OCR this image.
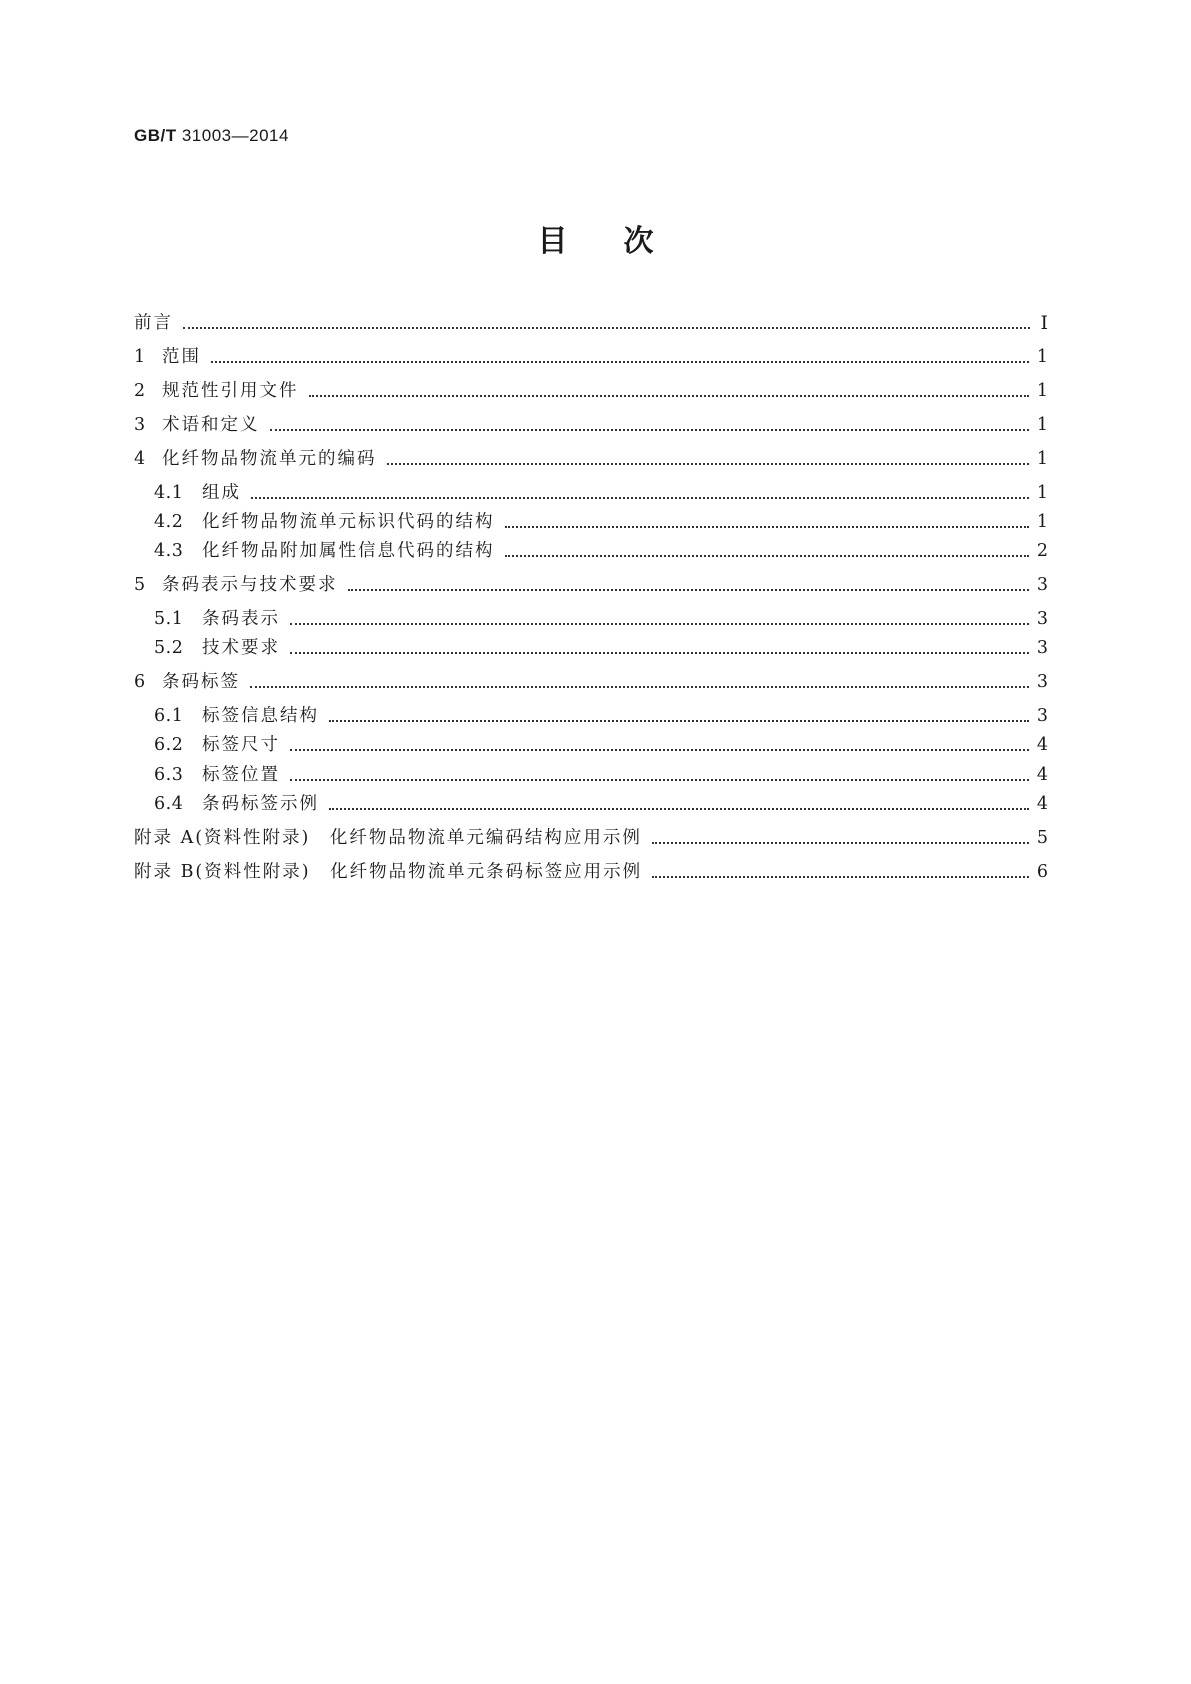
GB/T 31003—2014
目次
前言	Ⅰ
1 范围	1
2 规范性引用文件	1
3 术语和定义	1
4 化纤物品物流单元的编码	1
4.1	组成	1
4.2	化纤物品物流单元标识代码的结构	1
4.3	化纤物品附加属性信息代码的结构	2
5 条码表示与技术要求	3
5.1	条码表示	3
5.2	技术要求	3
6 条码标签	3
6.1	标签信息结构	3
6.2	标签尺寸	4
6.3	标签位置	4
6.4	条码标签示例	4
附录 A(资料性附录)　化纤物品物流单元编码结构应用示例	5
附录 B(资料性附录)　化纤物品物流单元条码标签应用示例	6
